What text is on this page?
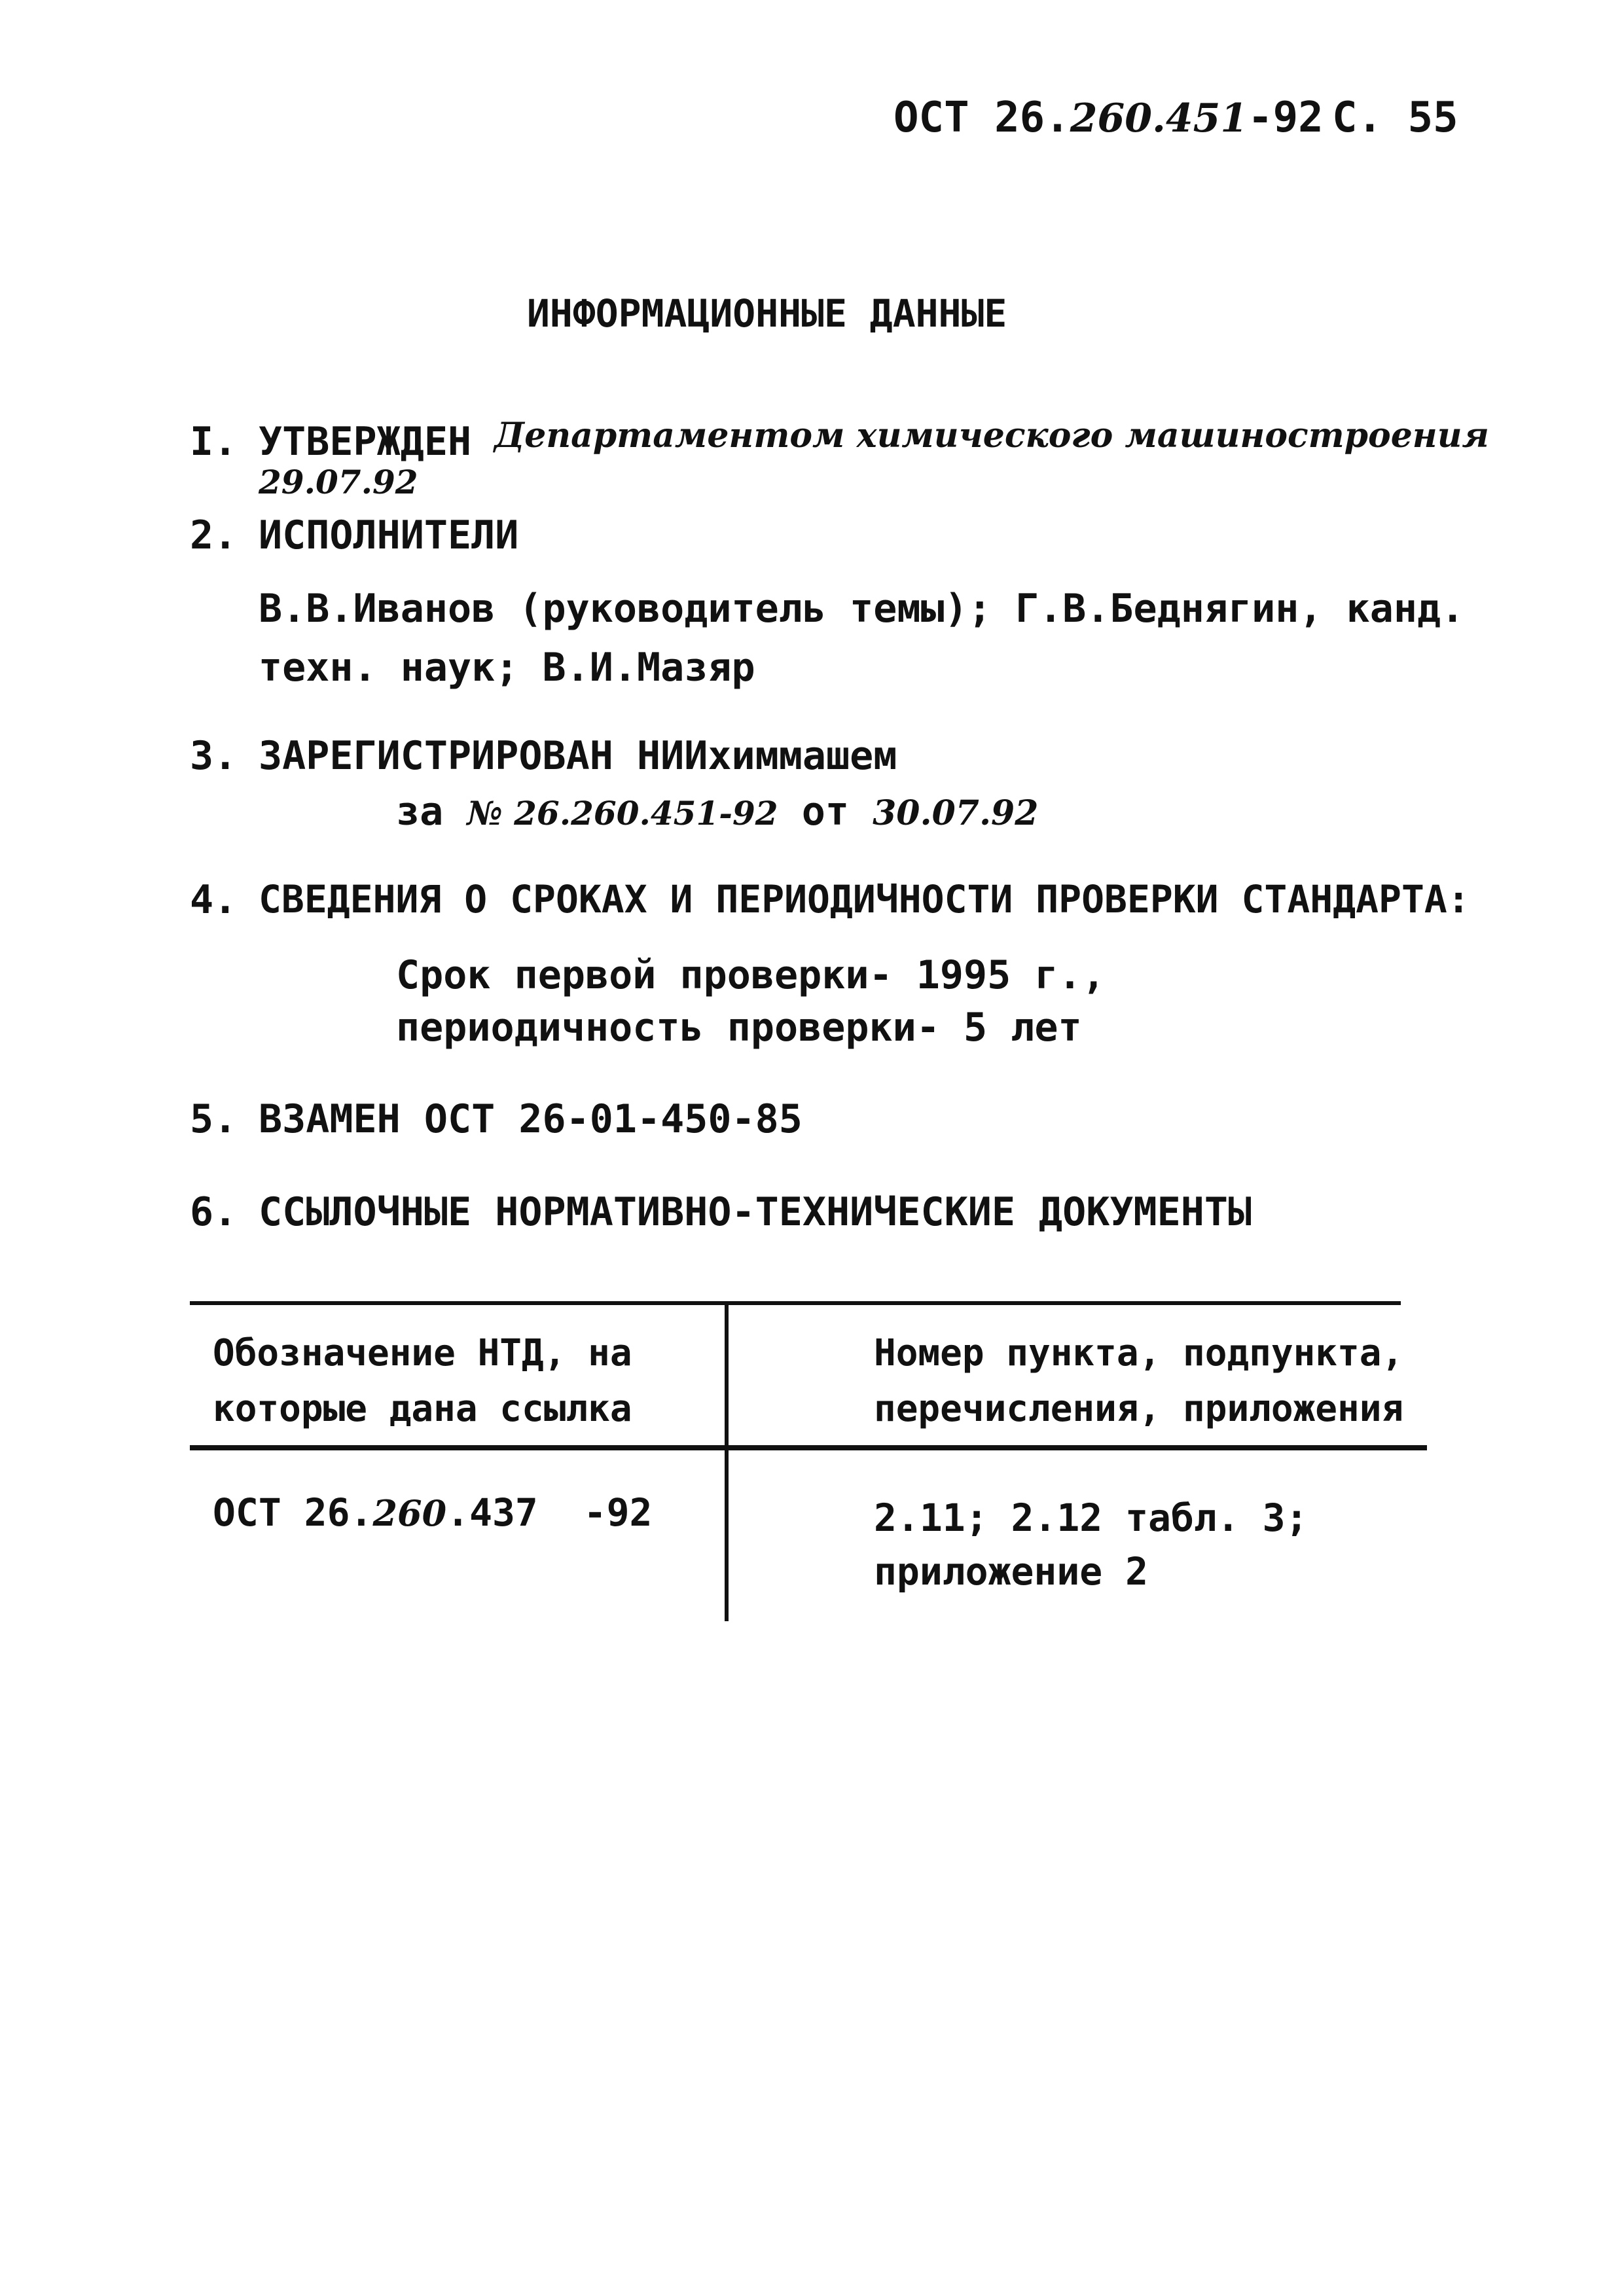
ОСТ 26.260.451-92 С. 55
ИНФОРМАЦИОННЫЕ ДАННЫЕ
I. УТВЕРЖДЕН Департаментом химического машиностроения
29.07.92
2. ИСПОЛНИТЕЛИ
В.В.Иванов (руководитель темы); Г.В.Беднягин, канд.
техн. наук; В.И.Мазяр
3. ЗАРЕГИСТРИРОВАН НИИхиммашем
за № 26.260.451-92 от 30.07.92
4. СВЕДЕНИЯ О СРОКАХ И ПЕРИОДИЧНОСТИ ПРОВЕРКИ СТАНДАРТА:
Срок первой проверки- 1995 г.,
периодичность проверки- 5 лет
5. ВЗАМЕН ОСТ 26-01-450-85
6. ССЫЛОЧНЫЕ НОРМАТИВНО-ТЕХНИЧЕСКИЕ ДОКУМЕНТЫ
Обозначение НТД, на
которые дана ссылка
Номер пункта, подпункта,
перечисления, приложения
ОСТ 26.260.437  -92	2.11; 2.12 табл. 3;
приложение 2
